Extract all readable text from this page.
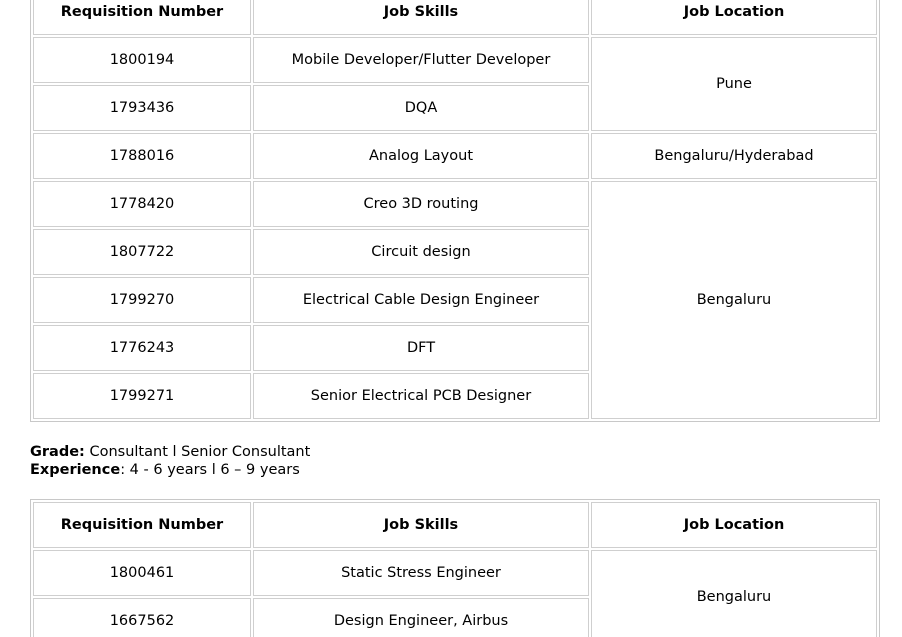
Requisition Number	Job Skills	Job Location
1800194	Mobile Developer/Flutter Developer	Pune
1793436	DQA	
1788016	Analog Layout	Bengaluru/Hyderabad
1778420	Creo 3D routing	Bengaluru
1807722	Circuit design	
1799270	Electrical Cable Design Engineer	
1776243	DFT	
1799271	Senior Electrical PCB Designer	
Grade: Consultant l Senior Consultant
Experience: 4 - 6 years l 6 – 9 years
Requisition Number	Job Skills	Job Location
1800461	Static Stress Engineer	Bengaluru
1667562	Design Engineer, Airbus	
